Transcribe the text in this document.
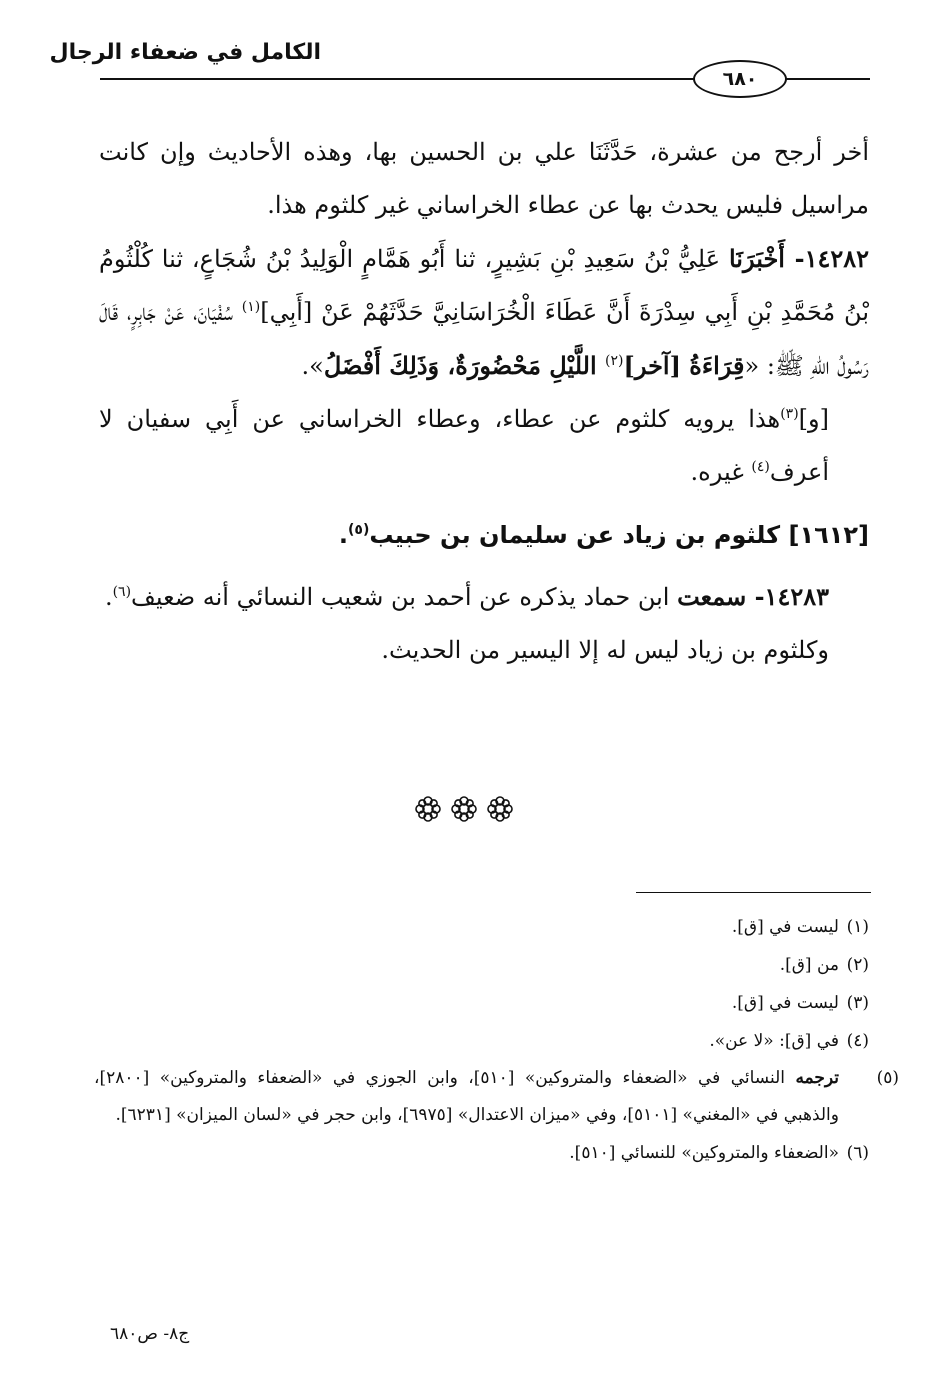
الكامل في ضعفاء الرجال
٦٨٠

أخر أرجح من عشرة، حَدَّثَنَا علي بن الحسين بها، وهذه الأحاديث وإن كانت مراسيل فليس يحدث بها عن عطاء الخراساني غير كلثوم هذا.

١٤٢٨٢- أَخْبَرَنَا عَلِيُّ بْنُ سَعِيدِ بْنِ بَشِيرٍ، ثنا أَبُو هَمَّامٍ الْوَلِيدُ بْنُ شُجَاعٍ، ثنا كُلْثُومُ بْنُ مُحَمَّدِ بْنِ أَبِي سِدْرَةَ أَنَّ عَطَاءَ الْخُرَاسَانِيَّ حَدَّثَهُمْ عَنْ [أَبِي]$^{(١)}$ سُفْيَانَ، عَنْ جَابِرٍ، قَالَ رَسُولُ اللهِ ﷺ: «قِرَاءَةُ [آخر]$^{(٢)}$ اللَّيْلِ مَحْضُورَةٌ، وَذَلِكَ أَفْضَلُ».

[و]$^{(٣)}$هذا يرويه كلثوم عن عطاء، وعطاء الخراساني عن أَبِي سفيان لا أعرف$^{(٤)}$ غيره.

[١٦١٢] كلثوم بن زياد عن سليمان بن حبيب$^{(٥)}$.

١٤٢٨٣- سمعت ابن حماد يذكره عن أحمد بن شعيب النسائي أنه ضعيف$^{(٦)}$.

وكلثوم بن زياد ليس له إلا اليسير من الحديث.

(١)ليست في [ق].

(٢)من [ق].

(٣)ليست في [ق].

(٤)في [ق]: «لا عن».

(٥)ترجمه النسائي في «الضعفاء والمتروكين» [٥١٠]، وابن الجوزي في «الضعفاء والمتروكين» [٢٨٠٠]، والذهبي في «المغني» [٥١٠١]، وفي «ميزان الاعتدال» [٦٩٧٥]، وابن حجر في «لسان الميزان» [٦٢٣١].

(٦)«الضعفاء والمتروكين» للنسائي [٥١٠].

ج٨- ص٦٨٠
